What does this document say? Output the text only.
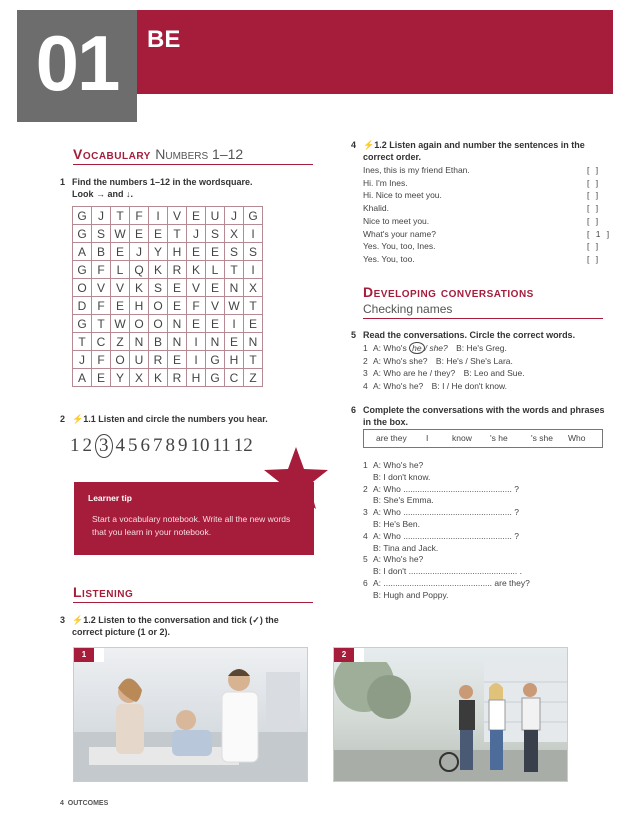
01	BE
Vocabulary Numbers 1–12
1 Find the numbers 1–12 in the wordsquare.
Look → and ↓.
G	J	T	F	I	V	E	U	J	G
G	S	W	E	E	T	J	S	X	I
A	B	E	J	Y	H	E	E	S	S
G	F	L	Q	K	R	K	L	T	I
O	V	V	K	S	E	V	E	N	X
D	F	E	H	O	E	F	V	W	T
G	T	W	O	O	N	E	E	I	E
T	C	Z	N	B	N	I	N	E	N
J	F	O	U	R	E	I	G	H	T
A	E	Y	X	K	R	H	G	C	Z
2 ⚡1.1 Listen and circle the numbers you hear.
1 2 3 4 5 6 7 8 9 10 11 12
Learner tip
Start a vocabulary notebook. Write all the new words that you learn in your notebook.
Listening
3 ⚡1.2 Listen to the conversation and tick (✓) the
correct picture (1 or 2).
1	2
4 ⚡1.2 Listen again and number the sentences in the
correct order.
Ines, this is my friend Ethan.	[ ]
Hi. I'm Ines.	[ ]
Hi. Nice to meet you.	[ ]
Khalid.	[ ]
Nice to meet you.	[ ]
What's your name?	[ 1 ]
Yes. You, too, Ines.	[ ]
Yes. You, too.	[ ]
Developing conversations
Checking names
5 Read the conversations. Circle the correct words.
1 A: Who's he / she? B: He's Greg.
2 A: Who's she? B: He's / She's Lara.
3 A: Who are he / they? B: Leo and Sue.
4 A: Who's he? B: I / He don't know.
6 Complete the conversations with the words and phrases
in the box.
are they I	know 's he	's she Who
1 A: Who's he?
B: I don't know.
2 A: Who .............................................. ?
B: She's Emma.
3 A: Who .............................................. ?
B: He's Ben.
4 A: Who .............................................. ?
B: Tina and Jack.
5 A: Who's he?
B: I don't .............................................. .
6 A: .............................................. are they?
B: Hugh and Poppy.
4 OUTCOMES
